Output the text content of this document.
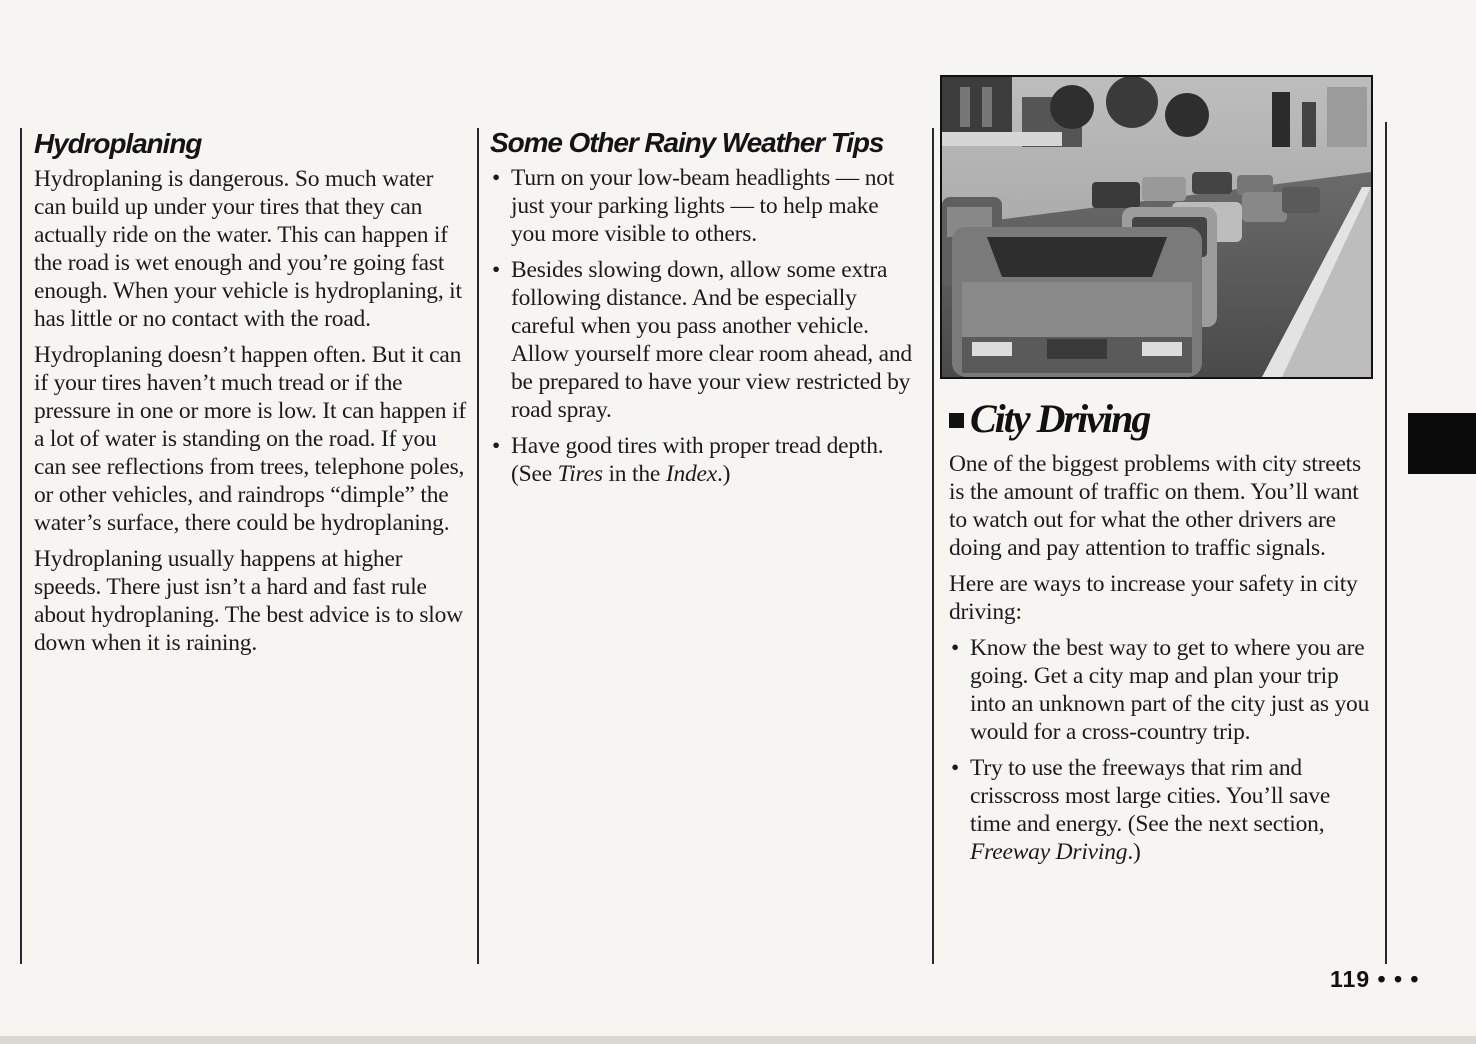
Hydroplaning

Hydroplaning is dangerous. So much water can build up under your tires that they can actually ride on the water. This can happen if the road is wet enough and you’re going fast enough. When your vehicle is hydroplaning, it has little or no contact with the road.

Hydroplaning doesn’t happen often. But it can if your tires haven’t much tread or if the pressure in one or more is low. It can happen if a lot of water is standing on the road. If you can see reflections from trees, telephone poles, or other vehicles, and raindrops “dimple” the water’s surface, there could be hydroplaning.

Hydroplaning usually happens at higher speeds. There just isn’t a hard and fast rule about hydroplaning. The best advice is to slow down when it is raining.

Some Other Rainy Weather Tips
• Turn on your low-beam headlights — not just your parking lights — to help make you more visible to others.
• Besides slowing down, allow some extra following distance. And be especially careful when you pass another vehicle. Allow yourself more clear room ahead, and be prepared to have your view restricted by road spray.
• Have good tires with proper tread depth. (See Tires in the Index.)
City Driving

One of the biggest problems with city streets is the amount of traffic on them. You’ll want to watch out for what the other drivers are doing and pay attention to traffic signals.

Here are ways to increase your safety in city driving:

• Know the best way to get to where you are going. Get a city map and plan your trip into an unknown part of the city just as you would for a cross-country trip.
• Try to use the freeways that rim and crisscross most large cities. You’ll save time and energy. (See the next section, Freeway Driving.)
119 • • •
